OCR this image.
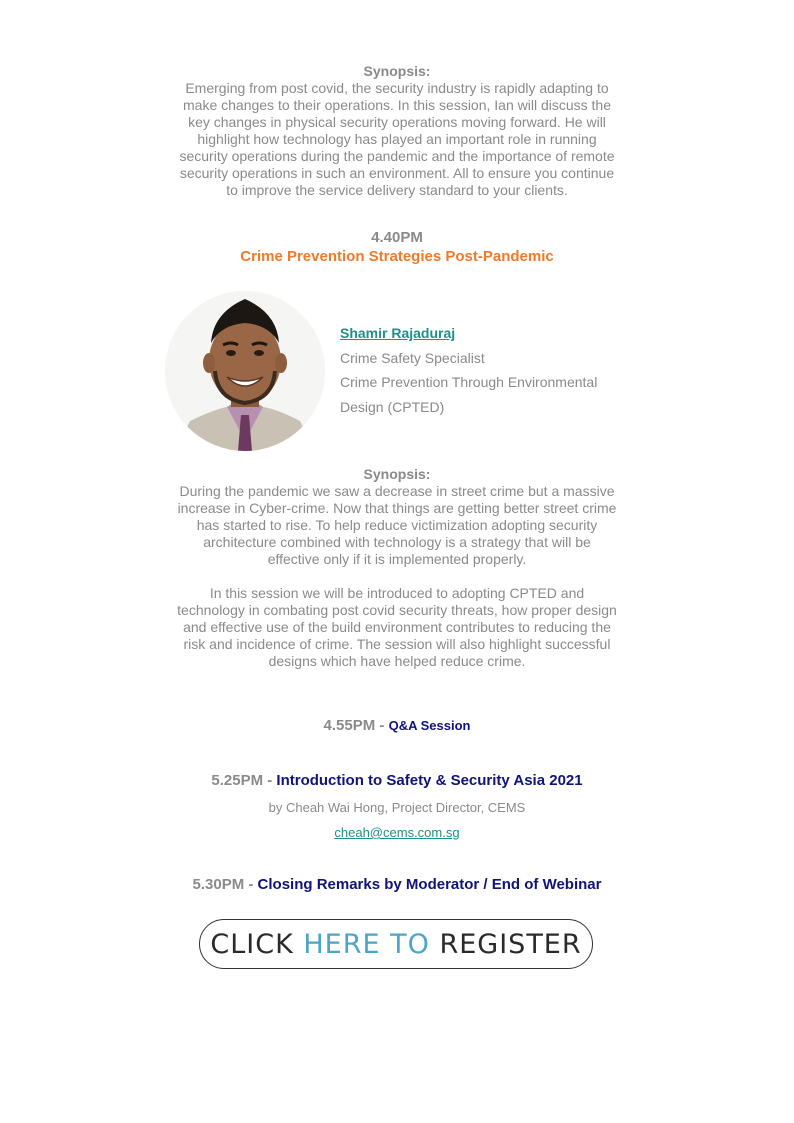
Synopsis:
Emerging from post covid, the security industry is rapidly adapting to
make changes to their operations. In this session, Ian will discuss the
key changes in physical security operations moving forward. He will
highlight how technology has played an important role in running
security operations during the pandemic and the importance of remote
security operations in such an environment. All to ensure you continue
to improve the service delivery standard to your clients.
4.40PM
Crime Prevention Strategies Post-Pandemic
Shamir Rajaduraj
Crime Safety Specialist
Crime Prevention Through Environmental
Design (CPTED)
Synopsis:
During the pandemic we saw a decrease in street crime but a massive
increase in Cyber-crime. Now that things are getting better street crime
has started to rise. To help reduce victimization adopting security
architecture combined with technology is a strategy that will be
effective only if it is implemented properly.
In this session we will be introduced to adopting CPTED and
technology in combating post covid security threats, how proper design
and effective use of the build environment contributes to reducing the
risk and incidence of crime. The session will also highlight successful
designs which have helped reduce crime.
4.55PM - Q&A Session
5.25PM - Introduction to Safety & Security Asia 2021
by Cheah Wai Hong, Project Director, CEMS
cheah@cems.com.sg
5.30PM - Closing Remarks by Moderator / End of Webinar
CLICK HERE TO REGISTER
